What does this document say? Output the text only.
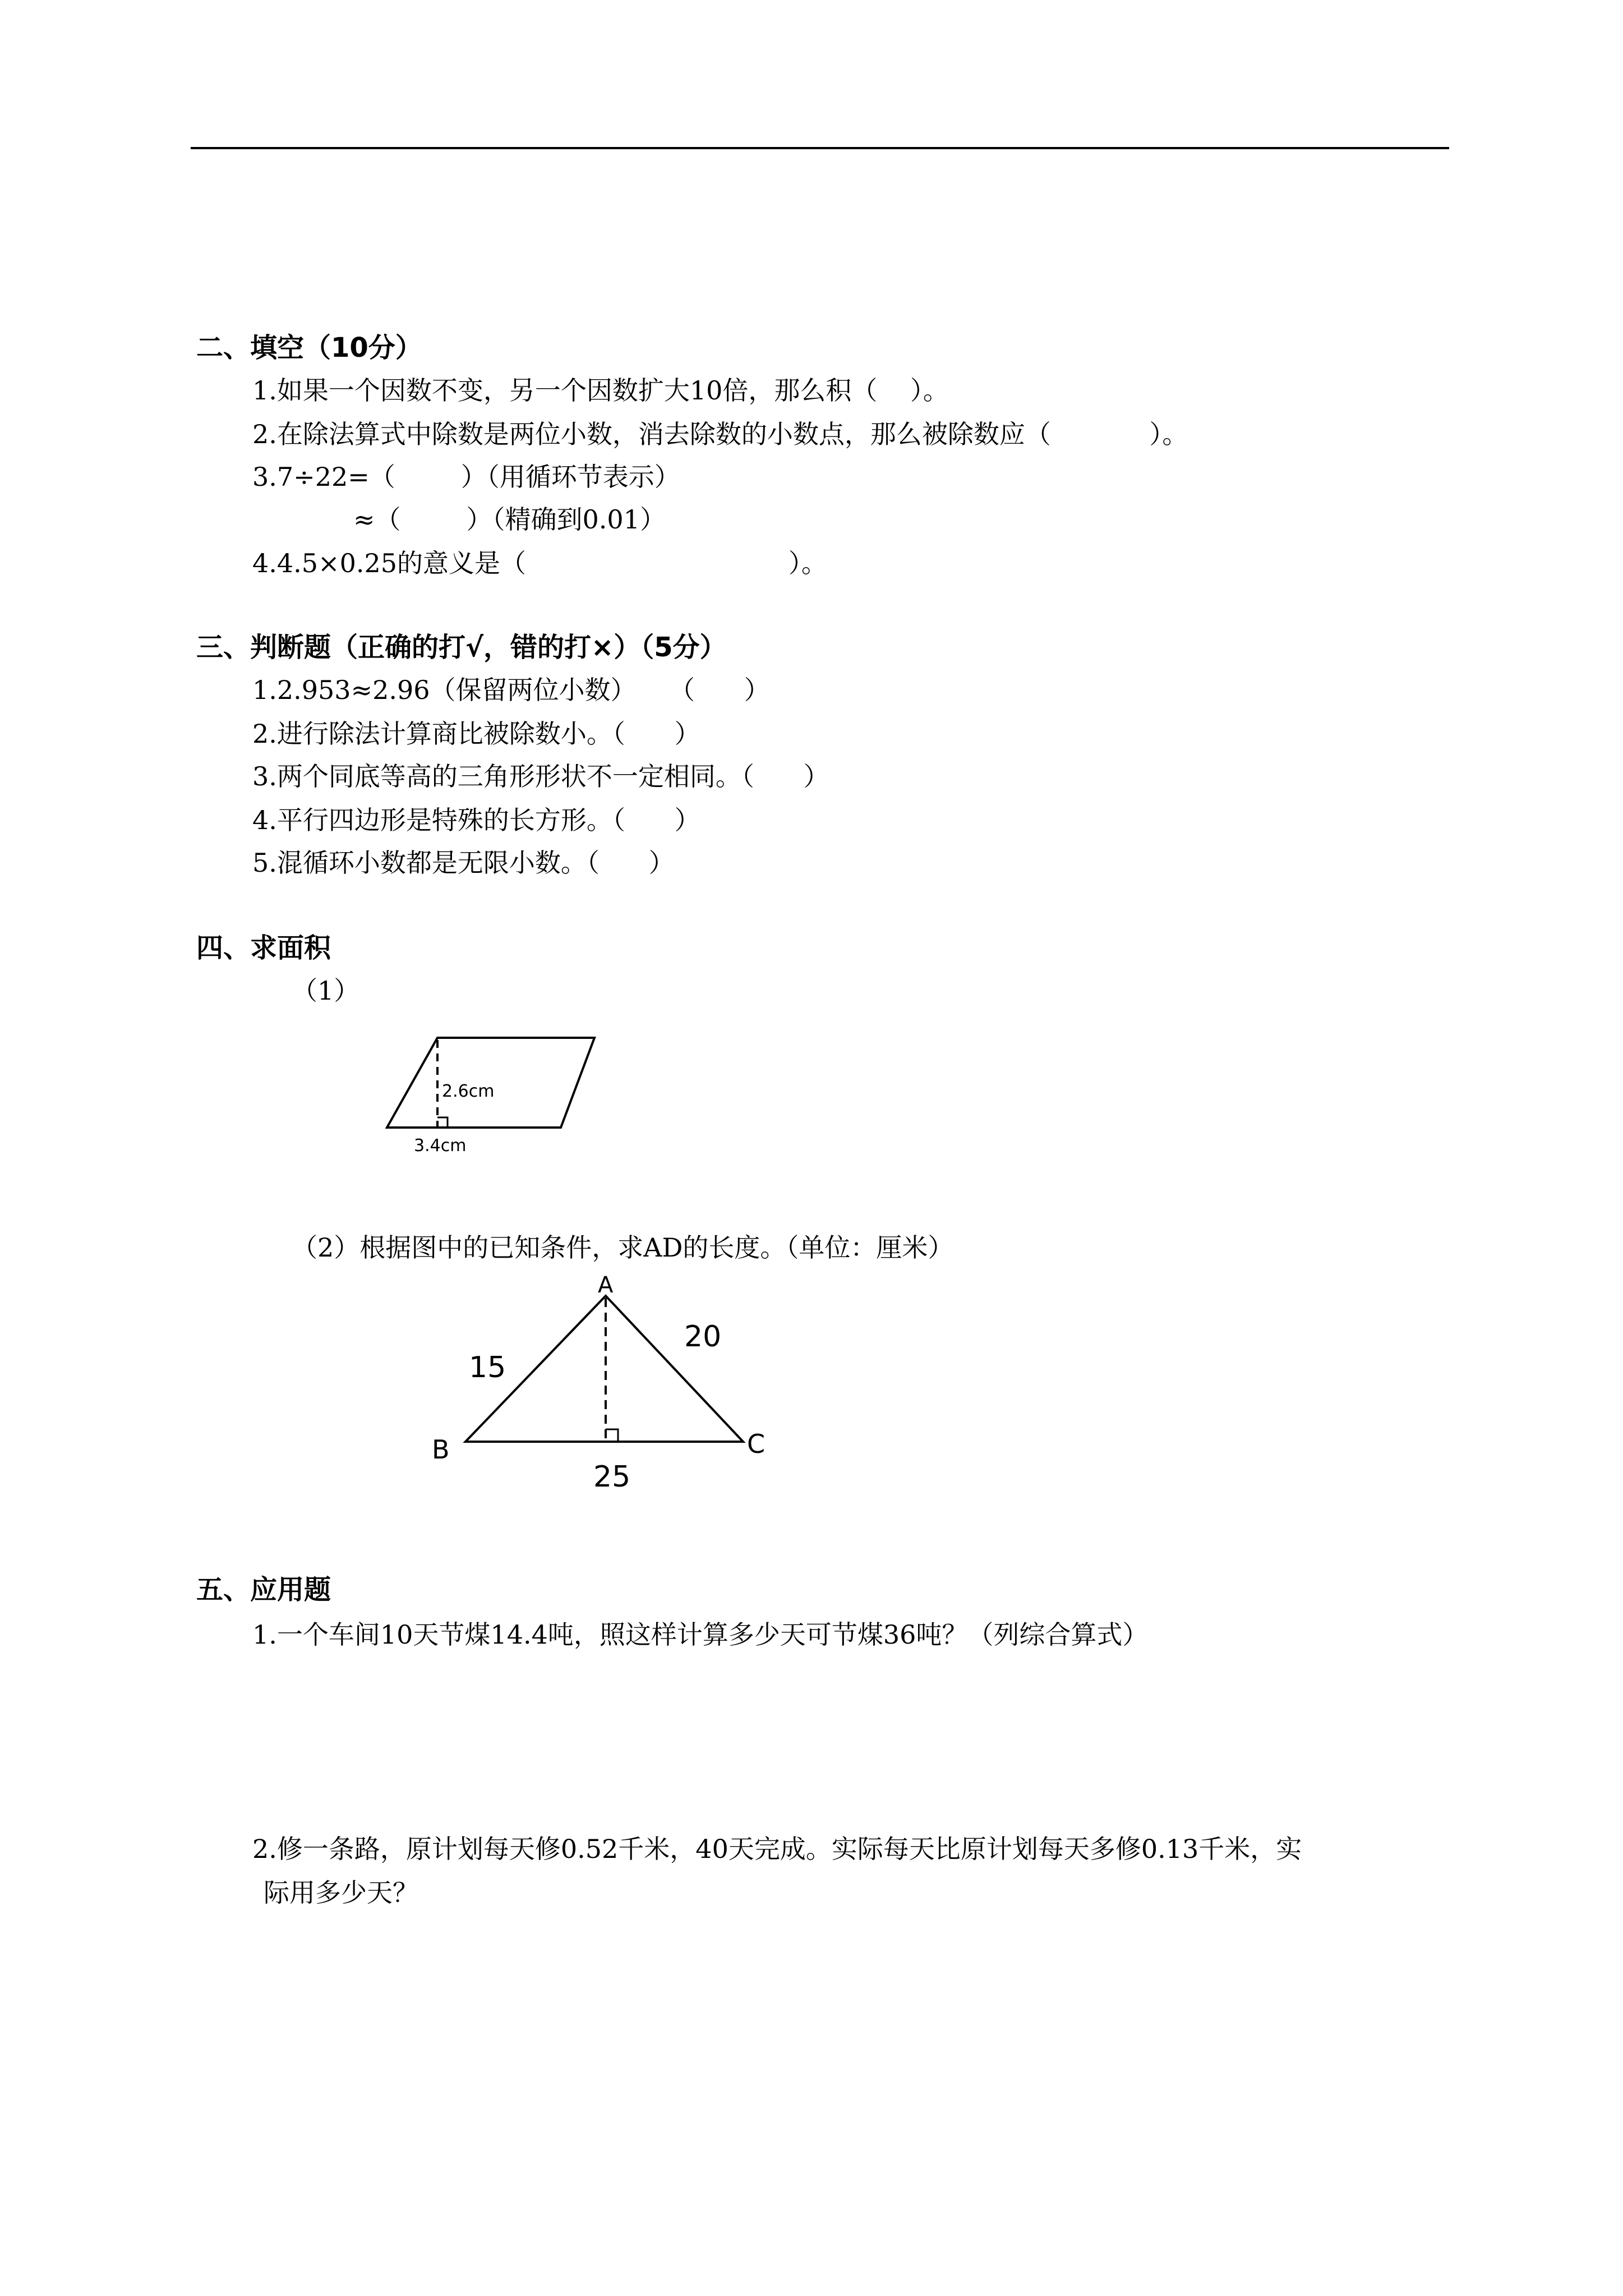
二、填空（10分）
1.如果一个因数不变，另一个因数扩大10倍，那么积（    ）。
2.在除法算式中除数是两位小数，消去除数的小数点，那么被除数应（            ）。
3.7÷22=（        ）（用循环节表示）
≈（        ）（精确到0.01）
4.4.5×0.25的意义是（                                ）。
三、判断题（正确的打√，错的打×）（5分）
1.2.953≈2.96（保留两位小数）    （      ）
2.进行除法计算商比被除数小。（      ）
3.两个同底等高的三角形形状不一定相同。（      ）
4.平行四边形是特殊的长方形。（      ）
5.混循环小数都是无限小数。（      ）
四、求面积
（1）
2.6cm
3.4cm
（2）根据图中的已知条件，求AD的长度。（单位：厘米）
A
B	C
15
20
25
五、应用题
1.一个车间10天节煤14.4吨，照这样计算多少天可节煤36吨？（列综合算式）
2.修一条路，原计划每天修0.52千米，40天完成。实际每天比原计划每天多修0.13千米，实
际用多少天？
